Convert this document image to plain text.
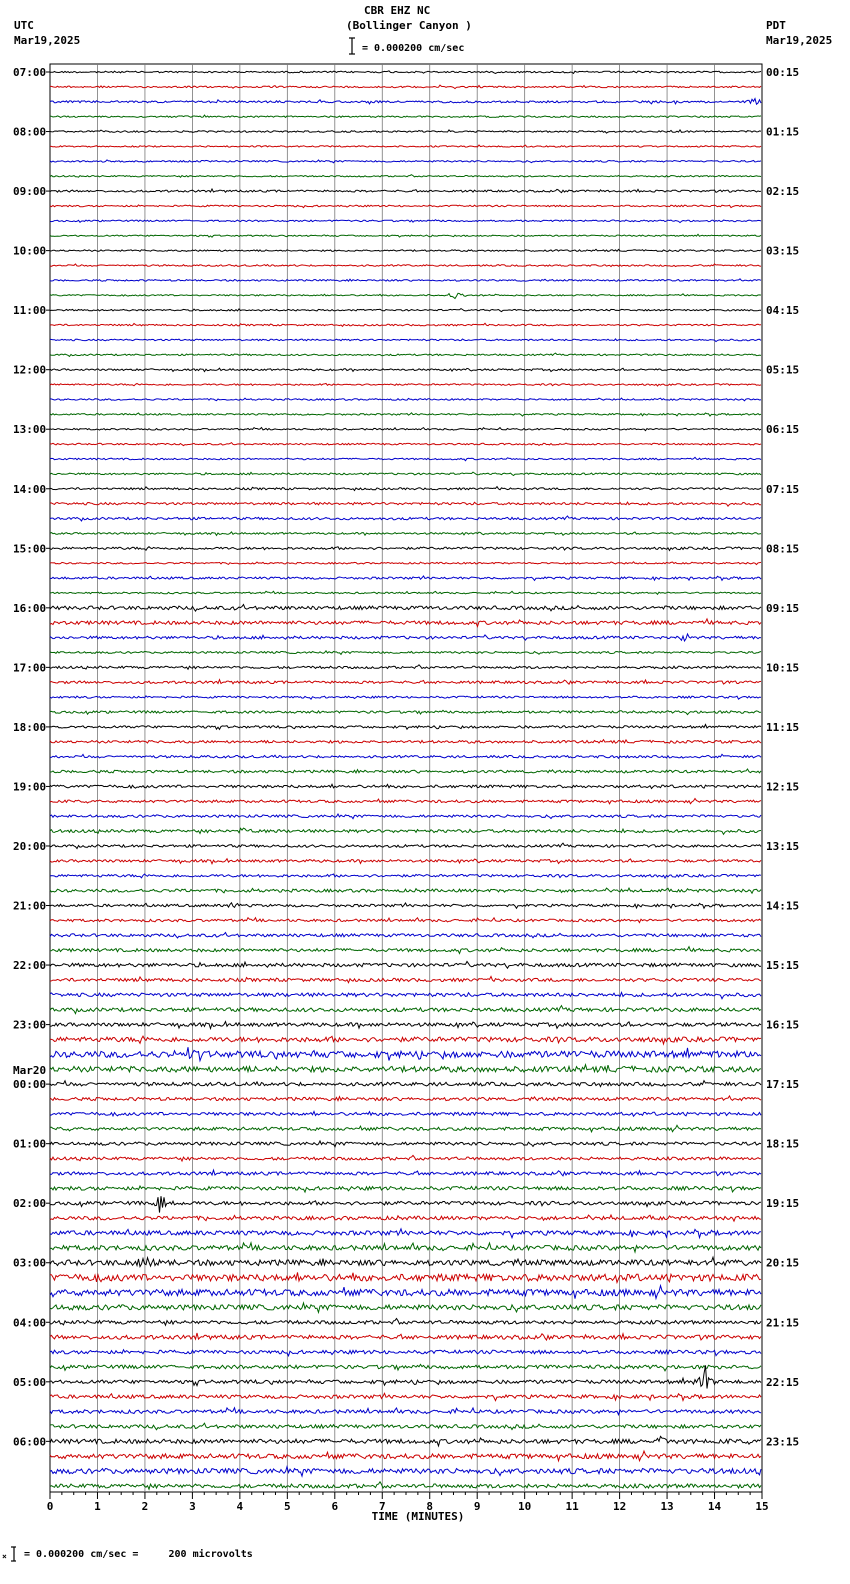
CBR EHZ NC
(Bollinger Canyon )
UTC
Mar19,2025
PDT
Mar19,2025
= 0.000200 cm/sec
07:00
08:00
09:00
10:00
11:00
12:00
13:00
14:00
15:00
16:00
17:00
18:00
19:00
20:00
21:00
22:00
23:00
00:00
01:00
02:00
03:00
04:00
05:00
06:00
00:15
01:15
02:15
03:15
04:15
05:15
06:15
07:15
08:15
09:15
10:15
11:15
12:15
13:15
14:15
15:15
16:15
17:15
18:15
19:15
20:15
21:15
22:15
23:15
Mar20
0	1	2	3	4	5	6	7	8	9	10	11	12	13	14	15
TIME (MINUTES)
× = 0.000200 cm/sec =     200 microvolts
